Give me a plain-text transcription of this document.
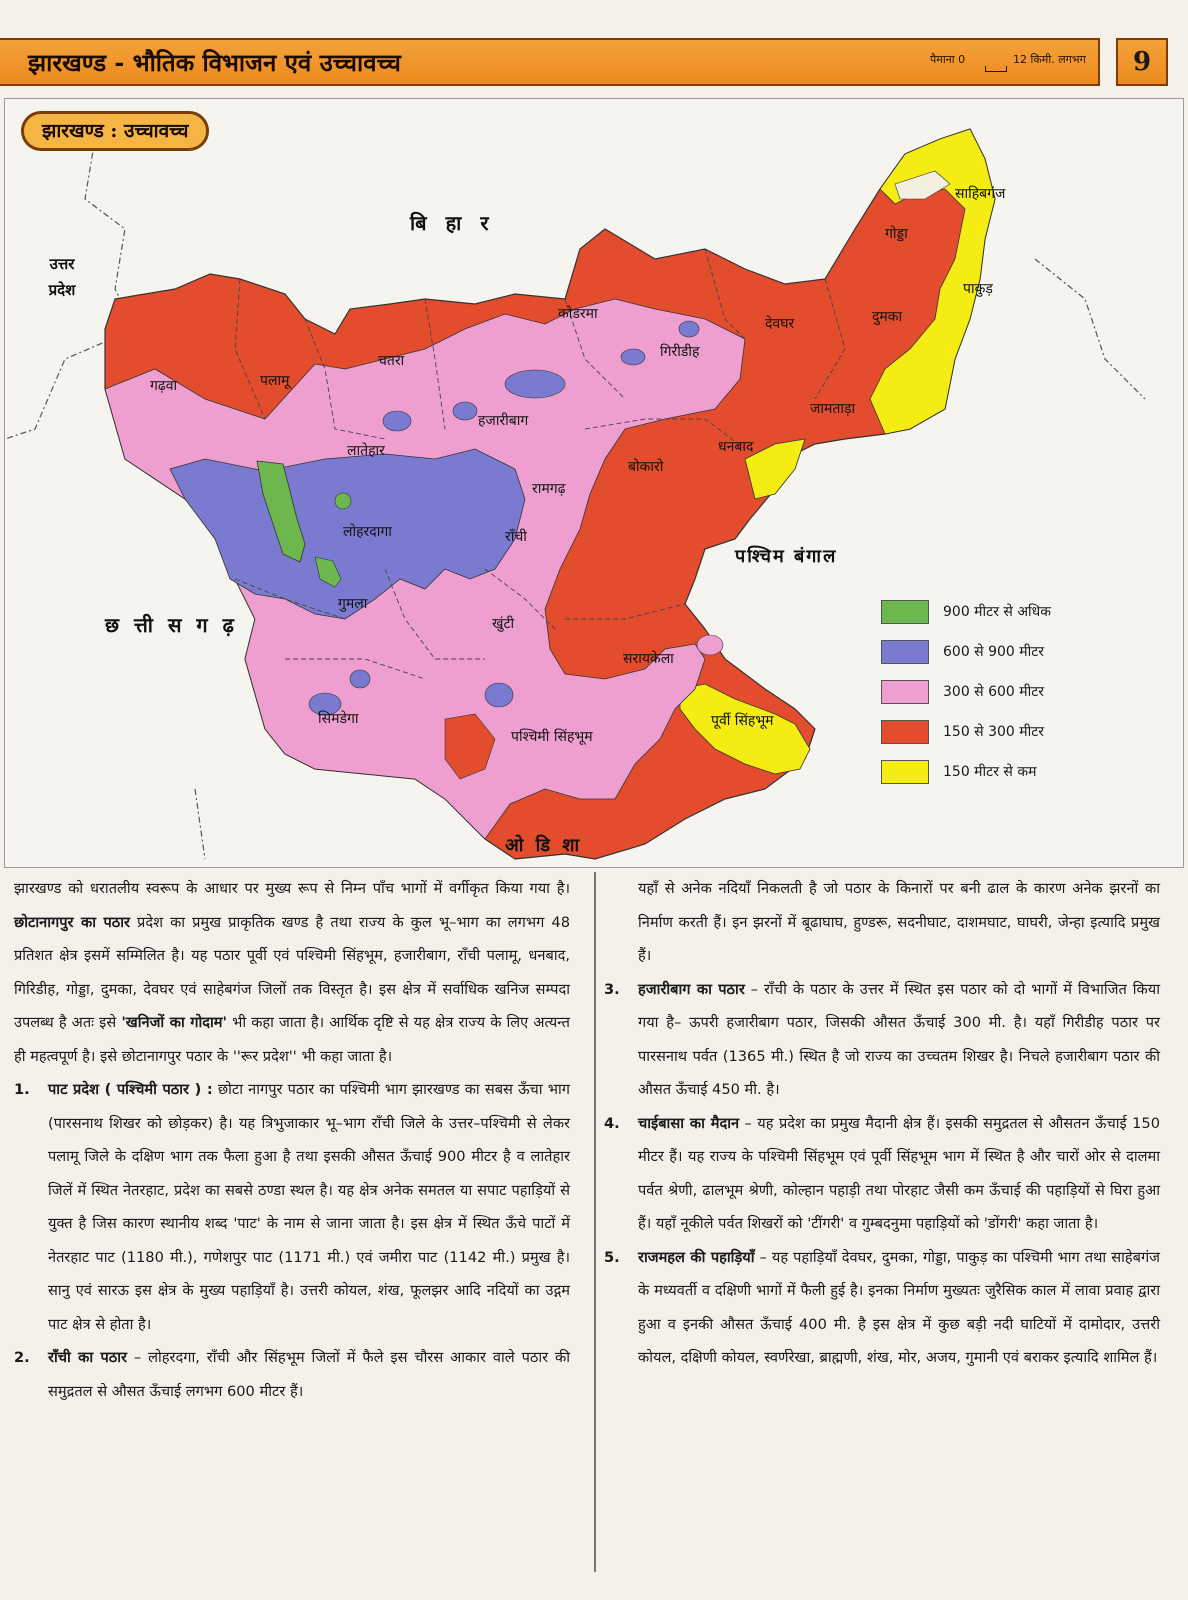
झारखण्ड - भौतिक विभाजन एवं उच्चावच्च	पैमाना 0	12 किमी. लगभग	9
झारखण्ड : उच्चावच्च
बि हा र
उत्तर प्रदेश
छ त्ती स ग ढ़
पश्चिम बंगाल
ओ डि शा
साहिबगंज
गोड्डा
पाकुड़
दुमका
देवघर
जामताड़ा
धनबाद
बोकारो
कोडरमा
गिरीडीह
हजारीबाग
चतरा
पलामू
गढ़वा
लातेहार
रामगढ़
लोहरदागा	राँची
गुमला
खुंटी
सिमडेगा
सरायकेला
पश्चिमी सिंहभूम
पूर्वी सिंहभूम
900 मीटर से अधिक
600 से 900 मीटर
300 से 600 मीटर
150 से 300 मीटर
150 मीटर से कम

झारखण्ड को धरातलीय स्वरूप के आधार पर मुख्य रूप से निम्न पाँच भागों में वर्गीकृत किया गया है। छोटानागपुर का पठार प्रदेश का प्रमुख प्राकृतिक खण्ड है तथा राज्य के कुल भू–भाग का लगभग 48 प्रतिशत क्षेत्र इसमें सम्मिलित है। यह पठार पूर्वी एवं पश्चिमी सिंहभूम, हजारीबाग, राँची पलामू, धनबाद, गिरिडीह, गोड्डा, दुमका, देवघर एवं साहेबगंज जिलों तक विस्तृत है। इस क्षेत्र में सर्वाधिक खनिज सम्पदा उपलब्ध है अतः इसे 'खनिजों का गोदाम' भी कहा जाता है। आर्थिक दृष्टि से यह क्षेत्र राज्य के लिए अत्यन्त ही महत्वपूर्ण है। इसे छोटानागपुर पठार के ''रूर प्रदेश'' भी कहा जाता है।

1. पाट प्रदेश ( पश्चिमी पठार ) : छोटा नागपुर पठार का पश्चिमी भाग झारखण्ड का सबस ऊँचा भाग (पारसनाथ शिखर को छोड़कर) है। यह त्रिभुजाकार भू–भाग राँची जिले के उत्तर–पश्चिमी से लेकर पलामू जिले के दक्षिण भाग तक फैला हुआ है तथा इसकी औसत ऊँचाई 900 मीटर है व लातेहार जिलें में स्थित नेतरहाट, प्रदेश का सबसे ठण्डा स्थल है। यह क्षेत्र अनेक समतल या सपाट पहाड़ियों से युक्त है जिस कारण स्थानीय शब्द 'पाट' के नाम से जाना जाता है। इस क्षेत्र में स्थित ऊँचे पाटों में नेतरहाट पाट (1180 मी.), गणेशपुर पाट (1171 मी.) एवं जमीरा पाट (1142 मी.) प्रमुख है। सानु एवं सारऊ इस क्षेत्र के मुख्य पहाड़ियाँ है। उत्तरी कोयल, शंख, फूलझर आदि नदियों का उद्गम पाट क्षेत्र से होता है।

2. राँची का पठार – लोहरदगा, राँची और सिंहभूम जिलों में फैले इस चौरस आकार वाले पठार की समुद्रतल से औसत ऊँचाई लगभग 600 मीटर हैं।

यहाँ से अनेक नदियाँ निकलती है जो पठार के किनारों पर बनी ढाल के कारण अनेक झरनों का निर्माण करती हैं। इन झरनों में बूढाघाघ, हुण्डरू, सदनीघाट, दाशमघाट, घाघरी, जेन्हा इत्यादि प्रमुख हैं।

3. हजारीबाग का पठार – राँची के पठार के उत्तर में स्थित इस पठार को दो भागों में विभाजित किया गया है– ऊपरी हजारीबाग पठार, जिसकी औसत ऊँचाई 300 मी. है। यहाँ गिरीडीह पठार पर पारसनाथ पर्वत (1365 मी.) स्थित है जो राज्य का उच्चतम शिखर है। निचले हजारीबाग पठार की औसत ऊँचाई 450 मी. है।

4. चाईबासा का मैदान – यह प्रदेश का प्रमुख मैदानी क्षेत्र हैं। इसकी समुद्रतल से औसतन ऊँचाई 150 मीटर हैं। यह राज्य के पश्चिमी सिंहभूम एवं पूर्वी सिंहभूम भाग में स्थित है और चारों ओर से दालमा पर्वत श्रेणी, ढालभूम श्रेणी, कोल्हान पहाड़ी तथा पोरहाट जैसी कम ऊँचाई की पहाड़ियों से घिरा हुआ हैं। यहाँ नूकीले पर्वत शिखरों को 'टींगरी' व गुम्बदनुमा पहाड़ियों को 'डोंगरी' कहा जाता है।

5. राजमहल की पहाड़ियाँ – यह पहाड़ियाँ देवघर, दुमका, गोड्डा, पाकुड़ का पश्चिमी भाग तथा साहेबगंज के मध्यवर्ती व दक्षिणी भागों में फैली हुई है। इनका निर्माण मुख्यतः जुरैसिक काल में लावा प्रवाह द्वारा हुआ व इनकी औसत ऊँचाई 400 मी. है इस क्षेत्र में कुछ बड़ी नदी घाटियों में दामोदार, उत्तरी कोयल, दक्षिणी कोयल, स्वर्णरेखा, ब्राह्मणी, शंख, मोर, अजय, गुमानी एवं बराकर इत्यादि शामिल हैं।
